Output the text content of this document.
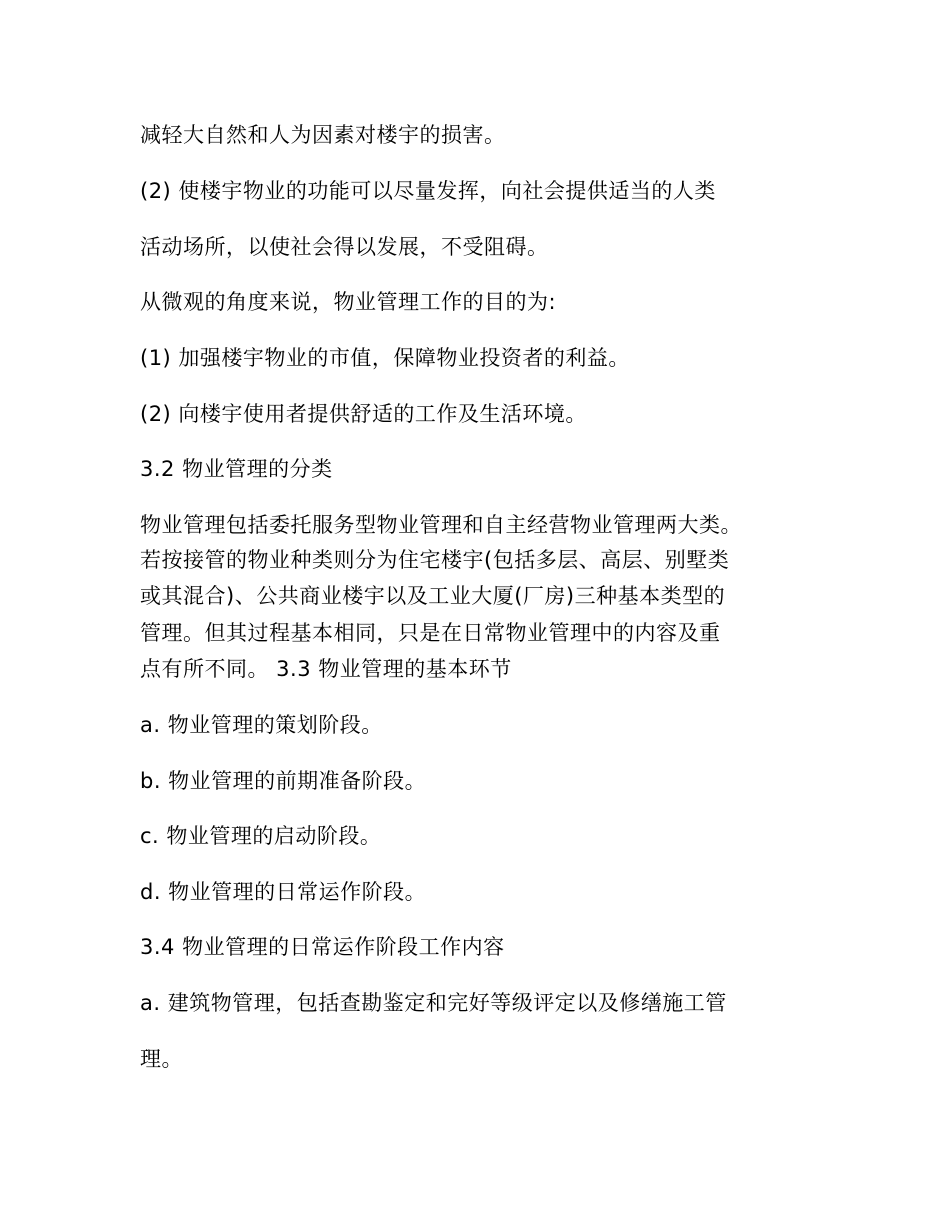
减轻大自然和人为因素对楼宇的损害。
(2) 使楼宇物业的功能可以尽量发挥，向社会提供适当的人类
活动场所，以使社会得以发展，不受阻碍。
从微观的角度来说，物业管理工作的目的为:
(1) 加强楼宇物业的市值，保障物业投资者的利益。
(2) 向楼宇使用者提供舒适的工作及生活环境。
3.2 物业管理的分类
物业管理包括委托服务型物业管理和自主经营物业管理两大类。
若按接管的物业种类则分为住宅楼宇(包括多层、高层、别墅类
或其混合)、公共商业楼宇以及工业大厦(厂房)三种基本类型的
管理。但其过程基本相同，只是在日常物业管理中的内容及重
点有所不同。 3.3 物业管理的基本环节
a. 物业管理的策划阶段。
b. 物业管理的前期准备阶段。
c. 物业管理的启动阶段。
d. 物业管理的日常运作阶段。
3.4 物业管理的日常运作阶段工作内容
a. 建筑物管理，包括查勘鉴定和完好等级评定以及修缮施工管
理。
